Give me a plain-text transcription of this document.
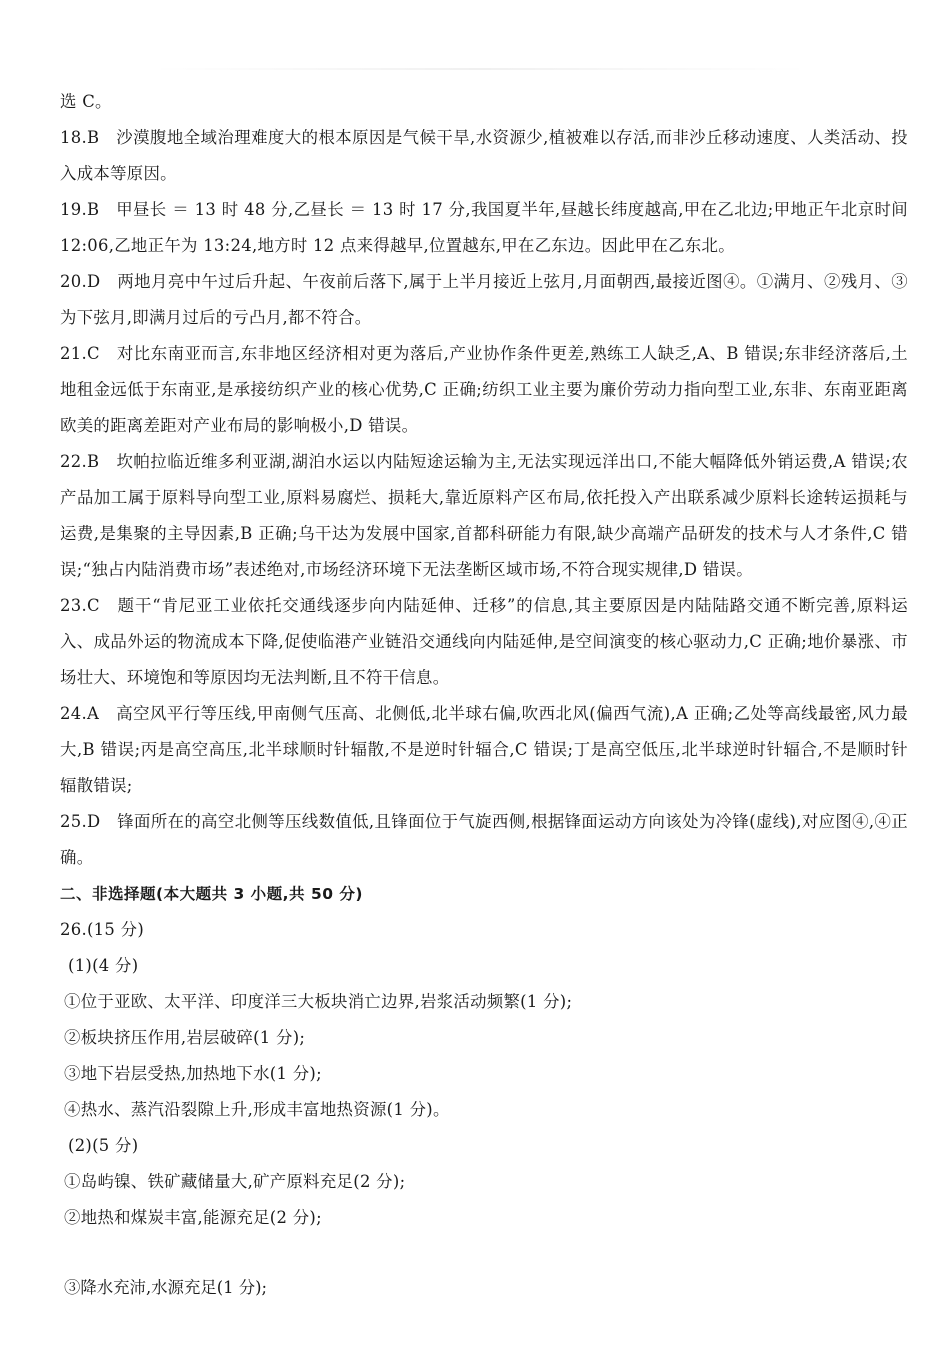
选 C。

18.B　沙漠腹地全域治理难度大的根本原因是气候干旱,水资源少,植被难以存活,而非沙丘移动速度、人类活动、投入成本等原因。

19.B　甲昼长 ＝ 13 时 48 分,乙昼长 ＝ 13 时 17 分,我国夏半年,昼越长纬度越高,甲在乙北边;甲地正午北京时间 12:06,乙地正午为 13:24,地方时 12 点来得越早,位置越东,甲在乙东边。因此甲在乙东北。

20.D　两地月亮中午过后升起、午夜前后落下,属于上半月接近上弦月,月面朝西,最接近图④。①满月、②残月、③为下弦月,即满月过后的亏凸月,都不符合。

21.C　对比东南亚而言,东非地区经济相对更为落后,产业协作条件更差,熟练工人缺乏,A、B 错误;东非经济落后,土地租金远低于东南亚,是承接纺织产业的核心优势,C 正确;纺织工业主要为廉价劳动力指向型工业,东非、东南亚距离欧美的距离差距对产业布局的影响极小,D 错误。

22.B　坎帕拉临近维多利亚湖,湖泊水运以内陆短途运输为主,无法实现远洋出口,不能大幅降低外销运费,A 错误;农产品加工属于原料导向型工业,原料易腐烂、损耗大,靠近原料产区布局,依托投入产出联系减少原料长途转运损耗与运费,是集聚的主导因素,B 正确;乌干达为发展中国家,首都科研能力有限,缺少高端产品研发的技术与人才条件,C 错误;“独占内陆消费市场”表述绝对,市场经济环境下无法垄断区域市场,不符合现实规律,D 错误。

23.C　题干“肯尼亚工业依托交通线逐步向内陆延伸、迁移”的信息,其主要原因是内陆陆路交通不断完善,原料运入、成品外运的物流成本下降,促使临港产业链沿交通线向内陆延伸,是空间演变的核心驱动力,C 正确;地价暴涨、市场壮大、环境饱和等原因均无法判断,且不符干信息。

24.A　高空风平行等压线,甲南侧气压高、北侧低,北半球右偏,吹西北风(偏西气流),A 正确;乙处等高线最密,风力最大,B 错误;丙是高空高压,北半球顺时针辐散,不是逆时针辐合,C 错误;丁是高空低压,北半球逆时针辐合,不是顺时针辐散错误;

25.D　锋面所在的高空北侧等压线数值低,且锋面位于气旋西侧,根据锋面运动方向该处为冷锋(虚线),对应图④,④正确。

二、非选择题(本大题共 3 小题,共 50 分)

26.(15 分)

(1)(4 分)

①位于亚欧、太平洋、印度洋三大板块消亡边界,岩浆活动频繁(1 分);

②板块挤压作用,岩层破碎(1 分);

③地下岩层受热,加热地下水(1 分);

④热水、蒸汽沿裂隙上升,形成丰富地热资源(1 分)。

(2)(5 分)

①岛屿镍、铁矿藏储量大,矿产原料充足(2 分);

②地热和煤炭丰富,能源充足(2 分);

③降水充沛,水源充足(1 分);
